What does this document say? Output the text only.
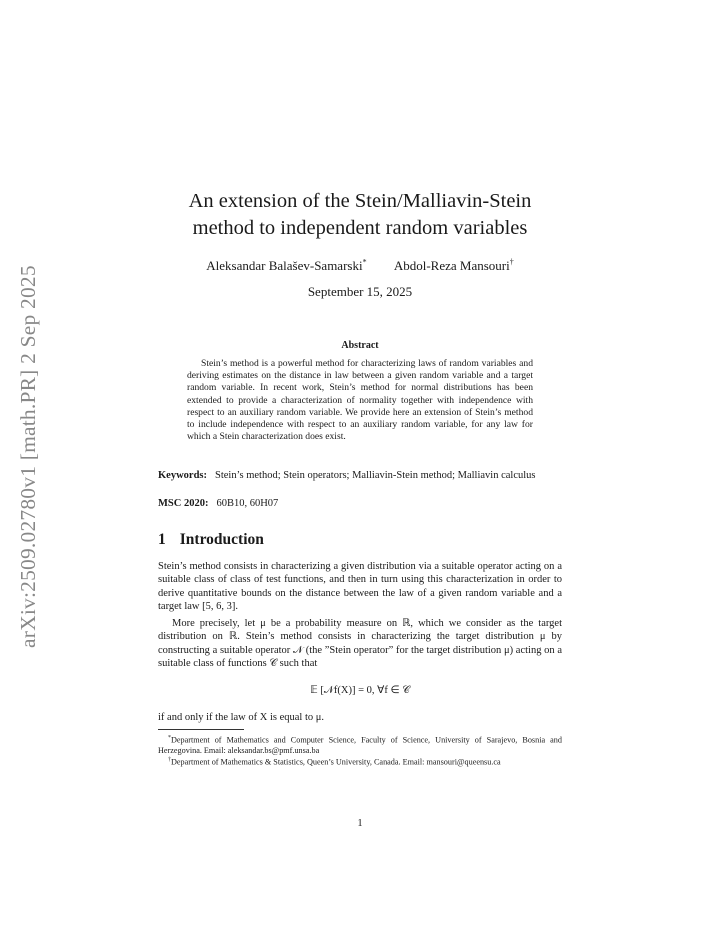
arXiv:2509.02780v1 [math.PR] 2 Sep 2025
An extension of the Stein/Malliavin-Stein
method to independent random variables
Aleksandar Balašev-Samarski* Abdol-Reza Mansouri†
September 15, 2025
Abstract
Stein’s method is a powerful method for characterizing laws of random variables and deriving estimates on the distance in law between a given random variable and a target random variable. In recent work, Stein’s method for normal distributions has been extended to provide a characterization of normality together with independence with respect to an auxiliary random variable. We provide here an extension of Stein’s method to include independence with respect to an auxiliary random variable, for any law for which a Stein characterization does exist.
Keywords: Stein’s method; Stein operators; Malliavin-Stein method; Malliavin calculus
MSC 2020: 60B10, 60H07
1 Introduction
Stein’s method consists in characterizing a given distribution via a suitable operator acting on a suitable class of class of test functions, and then in turn using this characterization in order to derive quantitative bounds on the distance between the law of a given random variable and a target law [5, 6, 3].
More precisely, let μ be a probability measure on ℝ, which we consider as the target distribution on ℝ. Stein’s method consists in characterizing the target distribution μ by constructing a suitable operator 𝒩 (the ”Stein operator” for the target distribution μ) acting on a suitable class of functions 𝒞 such that
𝔼 [𝒩f(X)] = 0, ∀f ∈ 𝒞
if and only if the law of X is equal to μ.
*Department of Mathematics and Computer Science, Faculty of Science, University of Sarajevo, Bosnia and Herzegovina. Email: aleksandar.bs@pmf.unsa.ba
†Department of Mathematics & Statistics, Queen’s University, Canada. Email: mansouri@queensu.ca
1
